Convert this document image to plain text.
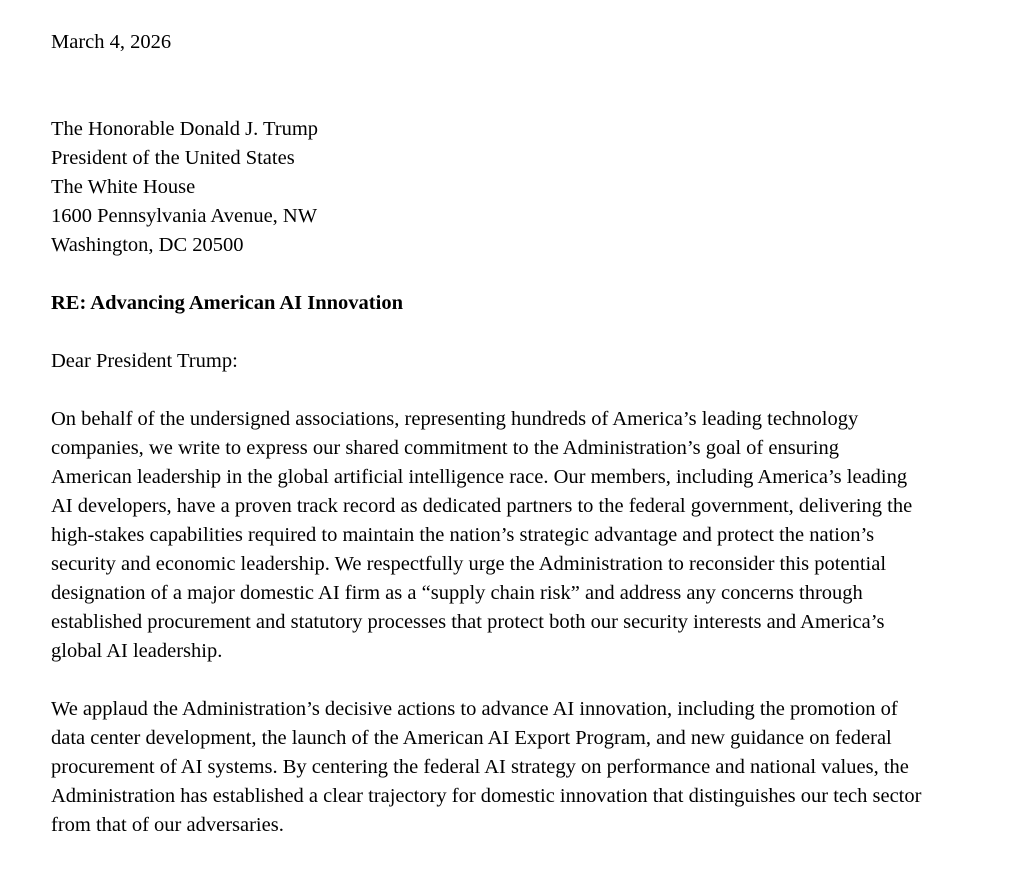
March 4, 2026
The Honorable Donald J. Trump
President of the United States
The White House
1600 Pennsylvania Avenue, NW
Washington, DC 20500
RE: Advancing American AI Innovation
Dear President Trump:
On behalf of the undersigned associations, representing hundreds of America’s leading technology
companies, we write to express our shared commitment to the Administration’s goal of ensuring
American leadership in the global artificial intelligence race. Our members, including America’s leading
AI developers, have a proven track record as dedicated partners to the federal government, delivering the
high-stakes capabilities required to maintain the nation’s strategic advantage and protect the nation’s
security and economic leadership. We respectfully urge the Administration to reconsider this potential
designation of a major domestic AI firm as a “supply chain risk” and address any concerns through
established procurement and statutory processes that protect both our security interests and America’s
global AI leadership.
We applaud the Administration’s decisive actions to advance AI innovation, including the promotion of
data center development, the launch of the American AI Export Program, and new guidance on federal
procurement of AI systems. By centering the federal AI strategy on performance and national values, the
Administration has established a clear trajectory for domestic innovation that distinguishes our tech sector
from that of our adversaries.
